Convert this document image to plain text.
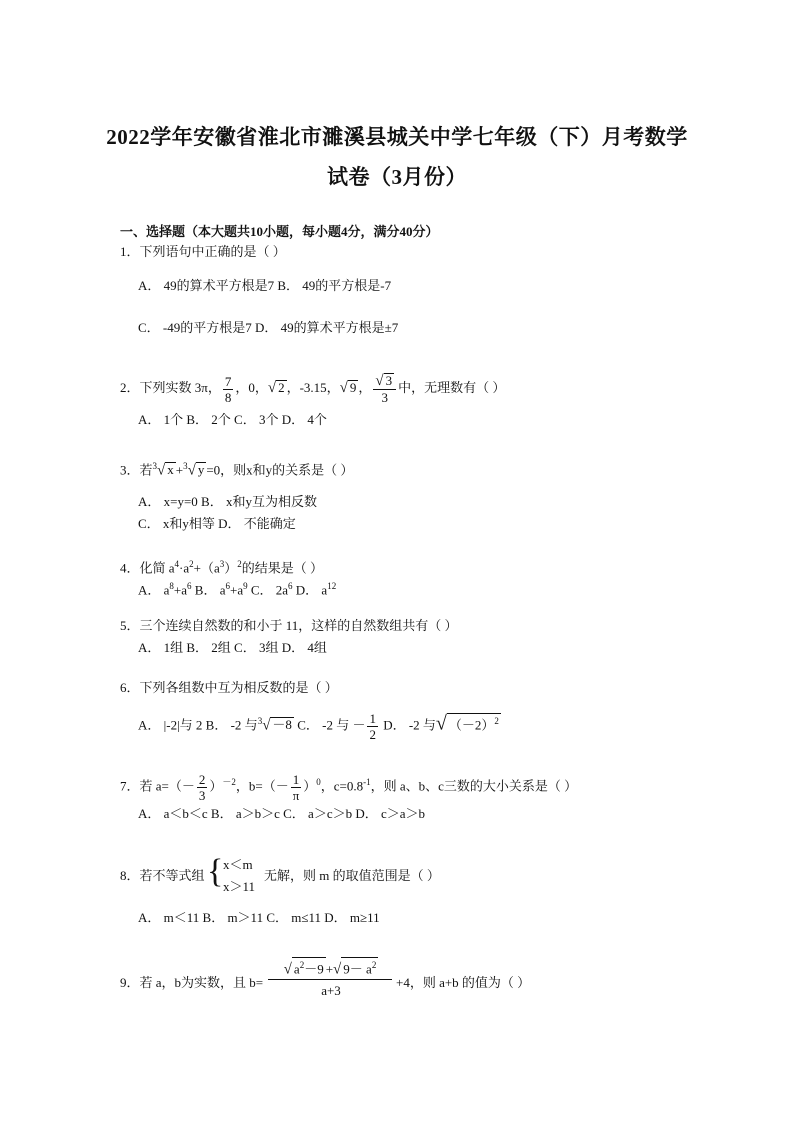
2022学年安徽省淮北市濉溪县城关中学七年级（下）月考数学
试卷（3月份）
一、选择题（本大题共10小题，每小题4分，满分40分）
1．下列语句中正确的是（ ）
A． 49的算术平方根是7 B． 49的平方根是-7
C． -49的平方根是7 D． 49的算术平方根是±7
2．下列实数 3π， $\frac{7}{8}$ ，0，√ 2 ，-3.15，√ 9 ， $\frac{√ 3}{3}$ 中，无理数有（ ）
A． 1个 B． 2个 C． 3个 D． 4个
3．若$^3$√ x +$^3$√ y =0，则x和y的关系是（ ）
A． x=y=0 B． x和y互为相反数
C． x和y相等 D． 不能确定
4．化简 $a^4\cdot a^2+(a^3)^2$的结果是（ ）
A． $a^8+a^6$ B． $a^6+a^9$ C． $2a^6$ D． $a^{12}$
5．三个连续自然数的和小于 11，这样的自然数组共有（ ）
A． 1组 B． 2组 C． 3组 D． 4组
6．下列各组数中互为相反数的是（ ）
A． |-2|与 2 B． -2 与$^3$√ －8 C． -2 与 － $\frac{1}{2}$ D． -2 与√ $(-2)^2$
7．若 $a=(- \frac{2}{3} )^{-2}$，$b=(- \frac{1}{\pi} )^0$，$c=0.8^{-1}$，则 a、b、c三数的大小关系是（ ）
A． a＜b＜c B． a＞b＞c C． a＞c＞b D． c＞a＞b
8．若不等式组 { x＜m
x＞11
无解，则 m 的取值范围是（ ）
A． m＜11 B． m＞11 C． m≤11 D． m≥11
9．若 a，b为实数，且 b=
√ $a^2-9$ +√ $9- a^2$
a+3
+4，则 a+b 的值为（ ）
